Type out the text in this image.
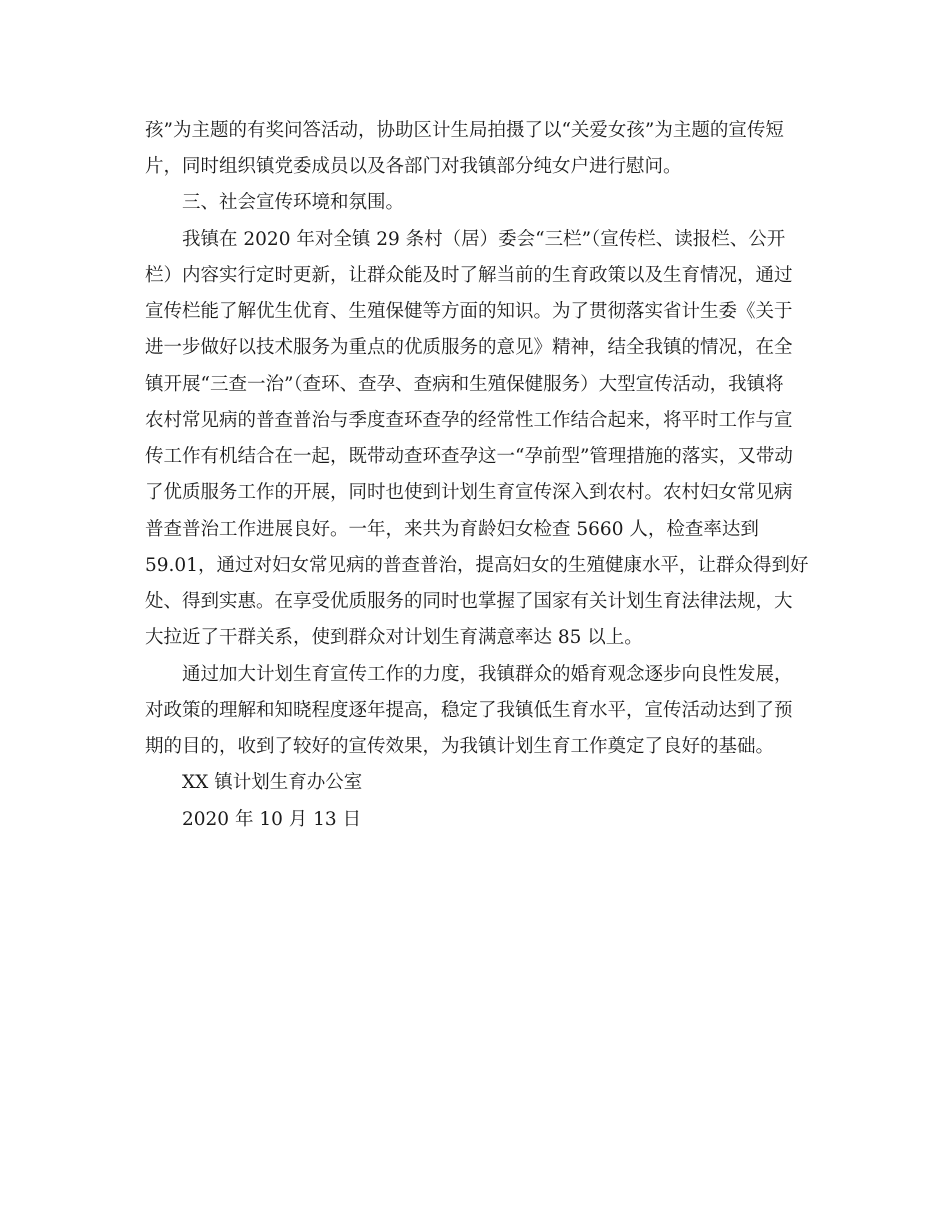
孩”为主题的有奖问答活动，协助区计生局拍摄了以“关爱女孩”为主题的宣传短
片，同时组织镇党委成员以及各部门对我镇部分纯女户进行慰问。
三、社会宣传环境和氛围。
我镇在 2020 年对全镇 29 条村（居）委会“三栏”（宣传栏、读报栏、公开
栏）内容实行定时更新，让群众能及时了解当前的生育政策以及生育情况，通过
宣传栏能了解优生优育、生殖保健等方面的知识。为了贯彻落实省计生委《关于
进一步做好以技术服务为重点的优质服务的意见》精神，结全我镇的情况，在全
镇开展“三查一治”（查环、查孕、查病和生殖保健服务）大型宣传活动，我镇将
农村常见病的普查普治与季度查环查孕的经常性工作结合起来，将平时工作与宣
传工作有机结合在一起，既带动查环查孕这一“孕前型”管理措施的落实，又带动
了优质服务工作的开展，同时也使到计划生育宣传深入到农村。农村妇女常见病
普查普治工作进展良好。一年，来共为育龄妇女检查 5660 人，检查率达到
59.01，通过对妇女常见病的普查普治，提高妇女的生殖健康水平，让群众得到好
处、得到实惠。在享受优质服务的同时也掌握了国家有关计划生育法律法规，大
大拉近了干群关系，使到群众对计划生育满意率达 85 以上。
通过加大计划生育宣传工作的力度，我镇群众的婚育观念逐步向良性发展，
对政策的理解和知晓程度逐年提高，稳定了我镇低生育水平，宣传活动达到了预
期的目的，收到了较好的宣传效果，为我镇计划生育工作奠定了良好的基础。
XX 镇计划生育办公室
2020 年 10 月 13 日
